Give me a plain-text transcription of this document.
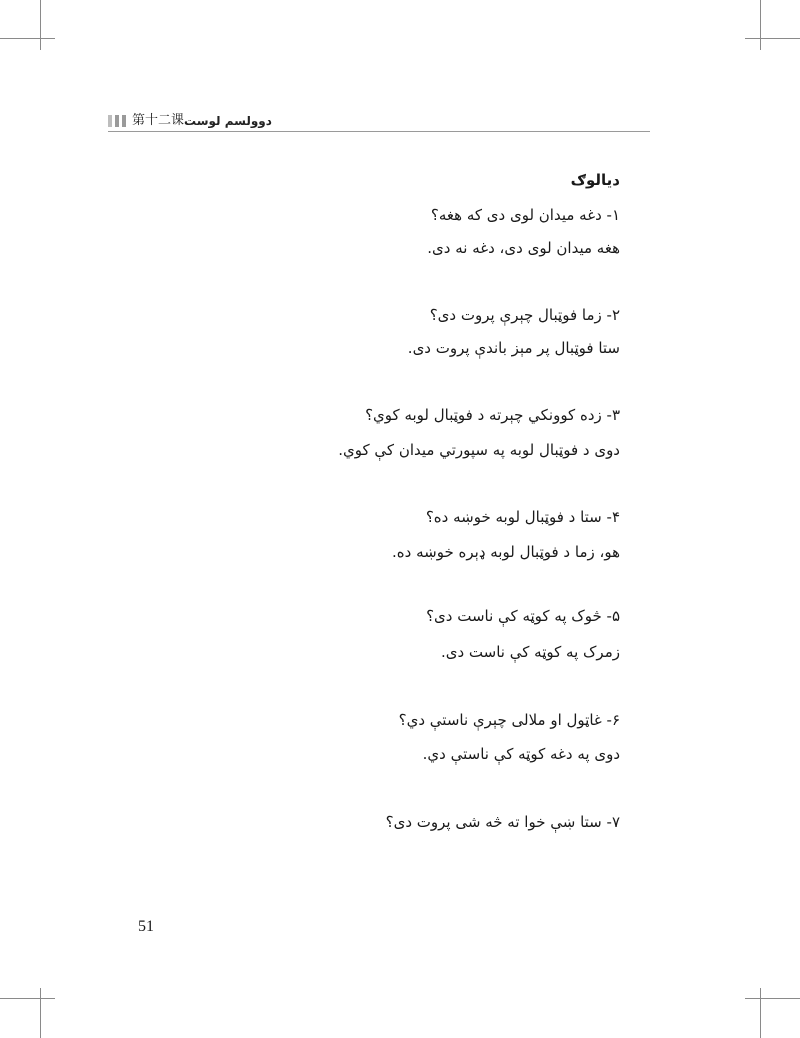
第十二课 دوولسم لوست
ديالوګ
١- دغه ميدان لوی دی که هغه؟
هغه ميدان لوی دی، دغه نه دی.
٢- زما فوټبال چېرې پروت دی؟
ستا فوټبال پر مېز باندې پروت دی.
٣- زده کوونکي چېرته د فوټبال لوبه کوي؟
دوی د فوټبال لوبه په سپورتي ميدان کې کوي.
۴- ستا د فوټبال لوبه خوښه ده؟
هو، زما د فوټبال لوبه ډېره خوښه ده.
۵- څوک په کوټه کې ناست دی؟
زمرک په کوټه کې ناست دی.
۶- غاټول او ملالی چېرې ناستې دي؟
دوی په دغه کوټه کې ناستې دي.
٧- ستا ښې خوا ته څه شی پروت دی؟
51
